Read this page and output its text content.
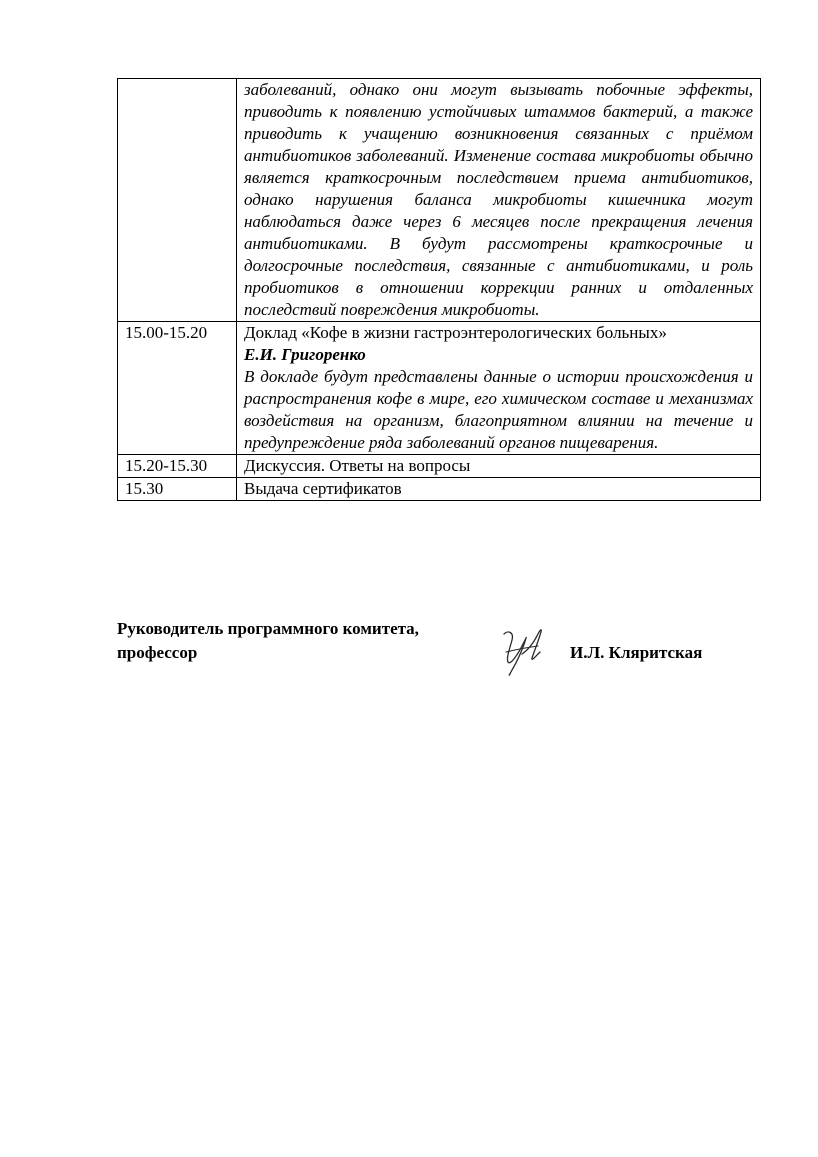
	заболеваний, однако они могут вызывать побочные эффекты, приводить к появлению устойчивых штаммов бактерий, а также приводить к учащению возникновения связанных с приёмом антибиотиков заболеваний. Изменение состава микробиоты обычно является краткосрочным последствием приема антибиотиков, однако нарушения баланса микробиоты кишечника могут наблюдаться даже через 6 месяцев после прекращения лечения антибиотиками. В будут рассмотрены краткосрочные и долгосрочные последствия, связанные с антибиотиками, и роль пробиотиков в отношении коррекции ранних и отдаленных последствий повреждения микробиоты.

15.00-15.20	Доклад «Кофе в жизни гастроэнтерологических больных»
Е.И. Григоренко
В докладе будут представлены данные о истории происхождения и распространения кофе в мире, его химическом составе и механизмах воздействия на организм, благоприятном влиянии на течение и предупреждение ряда заболеваний органов пищеварения.

15.20-15.30	Дискуссия. Ответы на вопросы

15.30	Выдача сертификатов
Руководитель программного комитета,
профессор	И.Л. Кляритская
